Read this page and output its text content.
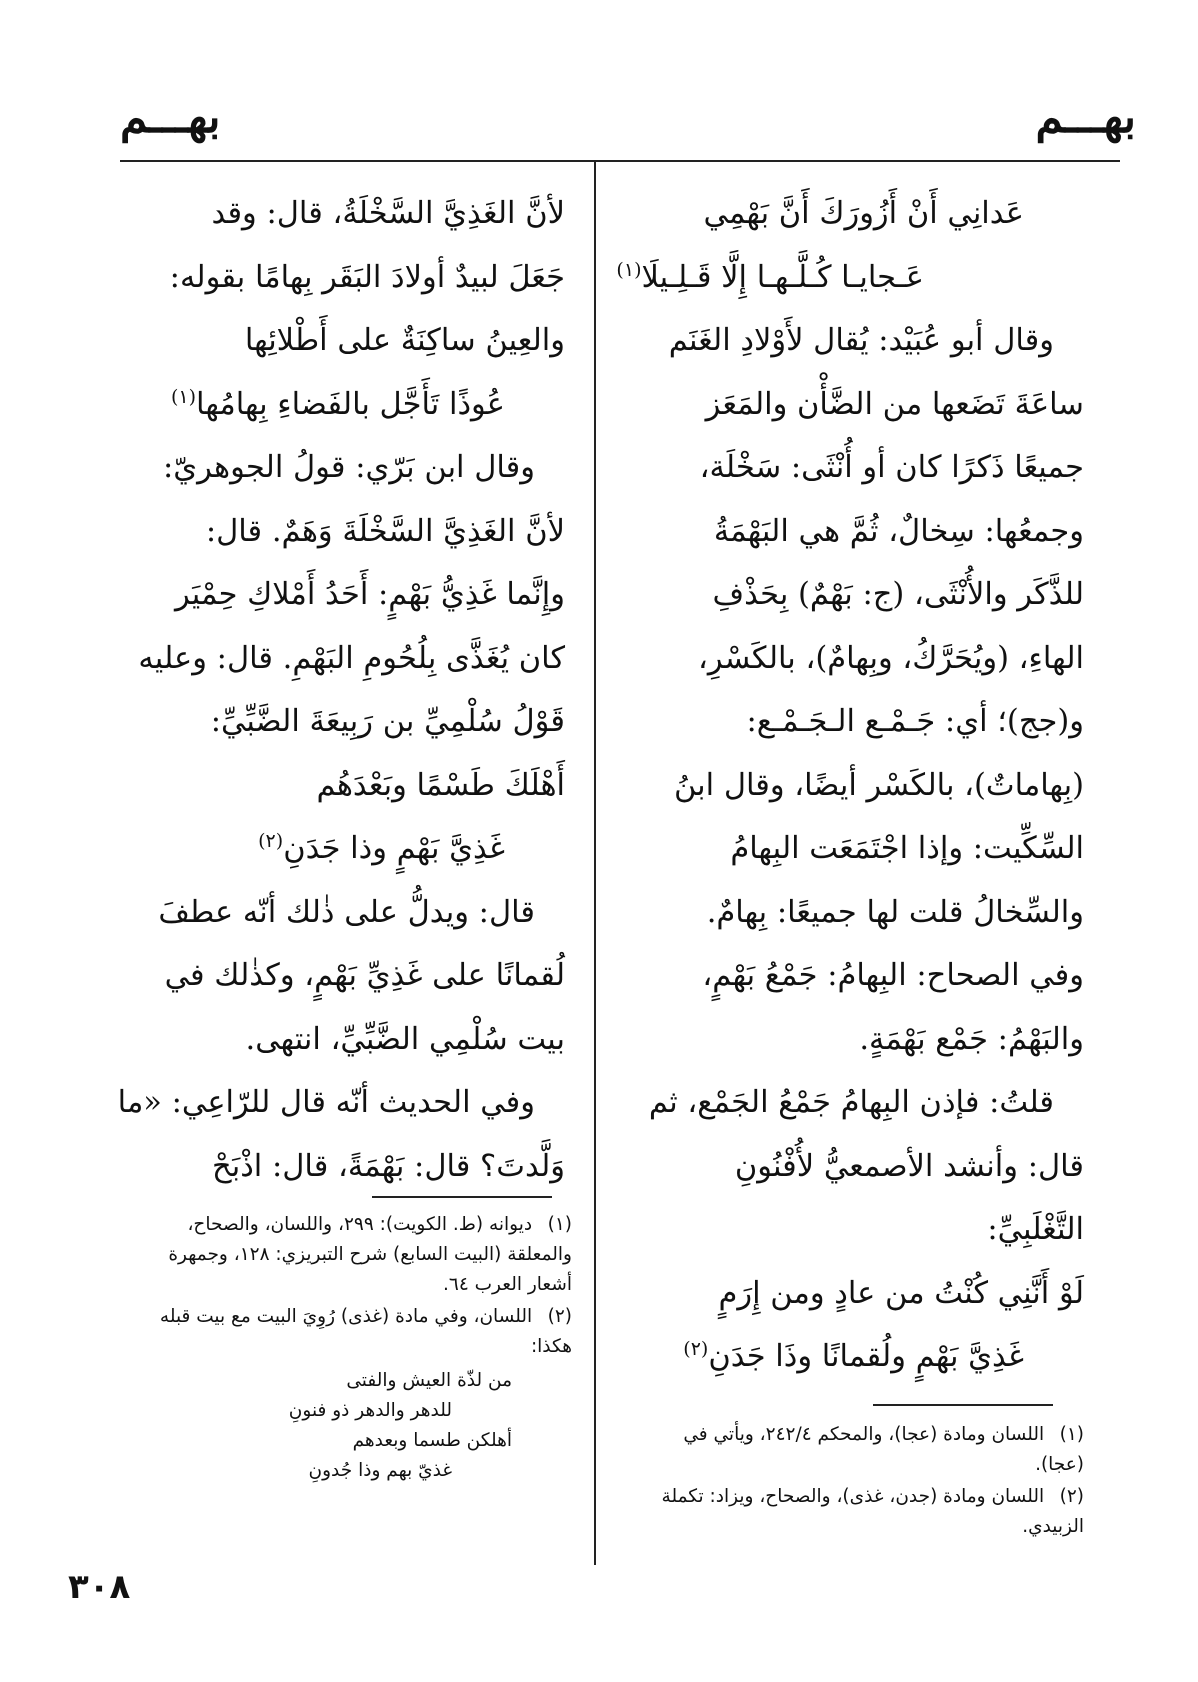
بهـــم
بهـــم
عَدانِي أَنْ أَزُورَكَ أَنَّ بَهْمِي
عَـجايـا كُـلَّـهـا إِلَّا قَـلِـيلَا$^{(١)}$
وقال أبو عُبَيْد: يُقال لأَوْلادِ الغَنَم
ساعَةَ تَضَعها من الضَّأْن والمَعَز
جميعًا ذَكرًا كان أو أُنْثَى: سَخْلَة،
وجمعُها: سِخالٌ، ثُمَّ هي البَهْمَةُ
للذَّكَر والأُنْثَى، (ج: بَهْمٌ) بِحَذْفِ
الهاءِ، (ويُحَرَّكُ، وبِهامٌ)، بالكَسْرِ،
و(جج)؛ أي: جَـمْـع الـجَـمْـع:
(بِهاماتٌ)، بالكَسْر أيضًا، وقال ابنُ
السِّكِّيت: وإذا اجْتَمَعَت البِهامُ
والسِّخالُ قلت لها جميعًا: بِهامٌ.
وفي الصحاح: البِهامُ: جَمْعُ بَهْمٍ،
والبَهْمُ: جَمْع بَهْمَةٍ.
قلتُ: فإذن البِهامُ جَمْعُ الجَمْع، ثم
قال: وأنشد الأصمعيُّ لأُفْنُونِ
التَّغْلَبِيِّ:
لَوْ أَنَّنِي كُنْتُ من عادٍ ومن إِرَمٍ
غَذِيَّ بَهْمٍ ولُقمانًا وذَا جَدَنِ$^{(٢)}$
لأنَّ الغَذِيَّ السَّخْلَةُ، قال: وقد
جَعَلَ لبيدٌ أولادَ البَقَر بِهامًا بقوله:
والعِينُ ساكِنَةٌ على أَطْلائِها
عُوذًا تَأَجَّل بالفَضاءِ بِهامُها$^{(١)}$
وقال ابن بَرّي: قولُ الجوهريّ:
لأنَّ الغَذِيَّ السَّخْلَةَ وَهَمٌ. قال:
وإِنَّما غَذِيُّ بَهْمٍ: أَحَدُ أَمْلاكِ حِمْيَر
كان يُغَذَّى بِلُحُومِ البَهْمِ. قال: وعليه
قَوْلُ سُلْمِيِّ بن رَبِيعَةَ الضَّبِّيِّ:
أَهْلَكَ طَسْمًا وبَعْدَهُم
غَذِيَّ بَهْمٍ وذا جَدَنِ$^{(٢)}$
قال: ويدلُّ على ذٰلك أنّه عطفَ
لُقمانًا على غَذِيِّ بَهْمٍ، وكذٰلك في
بيت سُلْمِي الضَّبِّيِّ، انتهى.
وفي الحديث أنّه قال للرّاعِي: «ما
وَلَّدتَ؟ قال: بَهْمَةً، قال: اذْبَحْ
(١) ديوانه (ط. الكويت): ٢٩٩، واللسان، والصحاح، والمعلقة (البيت السابع) شرح التبريزي: ١٢٨، وجمهرة أشعار العرب ٦٤.
(٢) اللسان، وفي مادة (غذى) رُوِيَ البيت مع بيت قبله هكذا:
من لذّة العيش والفتى
للدهر والدهر ذو فنونِ
أهلكن طسما وبعدهم
غذيّ بهم وذا جُدونِ
(١) اللسان ومادة (عجا)، والمحكم ٢٤٢/٤، ويأتي في (عجا).
(٢) اللسان ومادة (جدن، غذى)، والصحاح، ويزاد: تكملة الزبيدي.
٣٠٨
